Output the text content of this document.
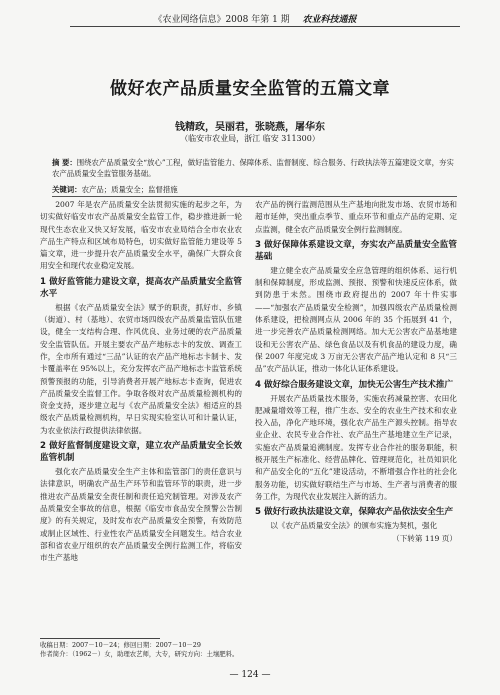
《农业网络信息》2008 年第 1 期 农业科技通报
做好农产品质量安全监管的五篇文章
钱精政，吴丽君，张晓燕，屠华东
（临安市农业局，浙江 临安 311300）
摘 要：围绕农产品质量安全“放心”工程，做好监管能力、保障体系、监督制度、综合服务、行政执法等五篇建设文章，夯实农产品质量安全监管服务基础。
关键词：农产品；质量安全；监督措施

2007 年是农产品质量安全法贯彻实施的起步之年，为切实做好临安市农产品质量安全监管工作，稳步推进新一轮现代生态农业又快又好发展，临安市农业局结合全市农业农产品生产特点和区域布局特色，切实做好监管能力建设等 5 篇文章，进一步提升农产品质量安全水平，确保广大群众食用安全和现代农业稳定发展。

1 做好监管能力建设文章，提高农产品质量安全监管水平

根据《农产品质量安全法》赋予的职责，抓好市、乡镇（街道）、村（基地）、农贸市场四级农产品质量监管队伍建设，健全一支结构合理、作风优良、业务过硬的农产品质量安全监管队伍。开展主要农产品产地标志卡的发放、调查工作，全市所有通过“三品”认证的农产品产地标志卡制卡、发卡覆盖率在 95%以上，充分发挥农产品产地标志卡监管系统预警预报的功能，引导消费者开展产地标志卡查询，促进农产品质量安全监督工作。争取各级对农产品质量检测机构的资金支持，逐步建立起与《农产品质量安全法》相适应的县级农产品质量检测机构，早日实现实验室认可和计量认证，为农业依法行政提供法律依据。

2 做好监督制度建设文章，建立农产品质量安全长效监管机制

强化农产品质量安全生产主体和监管部门的责任意识与法律意识，明确农产品生产环节和监管环节的职责，进一步推进农产品质量安全责任制和责任追究制管理。对涉及农产品质量安全事故的信息，根据《临安市食品安全预警公告制度》的有关规定，及时发布农产品质量安全预警，有效防范或制止区域性、行业性农产品质量安全问题发生。结合农业部和省农业厅组织的农产品质量安全例行监测工作，将临安市生产基地

农产品的例行监测范围从生产基地向批发市场、农贸市场和超市延伸，突出重点季节、重点环节和重点产品的定期、定点监测，健全农产品质量安全例行监测制度。

3 做好保障体系建设文章，夯实农产品质量安全监管基础

建立健全农产品质量安全应急管理的组织体系、运行机制和保障制度，形成监测、预报、预警和快速反应体系，做到防患于未然。围绕市政府提出的 2007 年十件实事——“加强农产品质量安全检测”，加强四级农产品质量检测体系建设，把检测网点从 2006 年的 35 个拓展到 41 个，进一步完善农产品质量检测网络。加大无公害农产品基地建设和无公害农产品、绿色食品以及有机食品的建设力度，确保 2007 年度完成 3 万亩无公害农产品产地认定和 8 只“三品”农产品认证，推动一体化认证体系建设。

4 做好综合服务建设文章，加快无公害生产技术推广

开展农产品质量技术服务，实施农药减量控害、农田化肥减量增效等工程，推广生态、安全的农业生产技术和农业投入品，净化产地环境，强化农产品生产源头控制。指导农业企业、农民专业合作社、农产品生产基地建立生产记录，实施农产品质量追溯制度。发挥专业合作社的服务职能，积极开展生产标准化、经营品牌化、管理规范化，社员知识化和产品安全化的“五化”建设活动，不断增强合作社的社会化服务功能，切实做好联结生产与市场、生产者与消费者的服务工作，为现代农业发展注入新的活力。

5 做好行政执法建设文章，保障农产品依法安全生产

以《农产品质量安全法》的颁布实施为契机，强化

（下转第 119 页）

收稿日期：2007－10－24；修回日期：2007－10－29
作者简介：（1962－）女，助理农艺师，大专，研究方向：土壤肥料。
— 124 —
